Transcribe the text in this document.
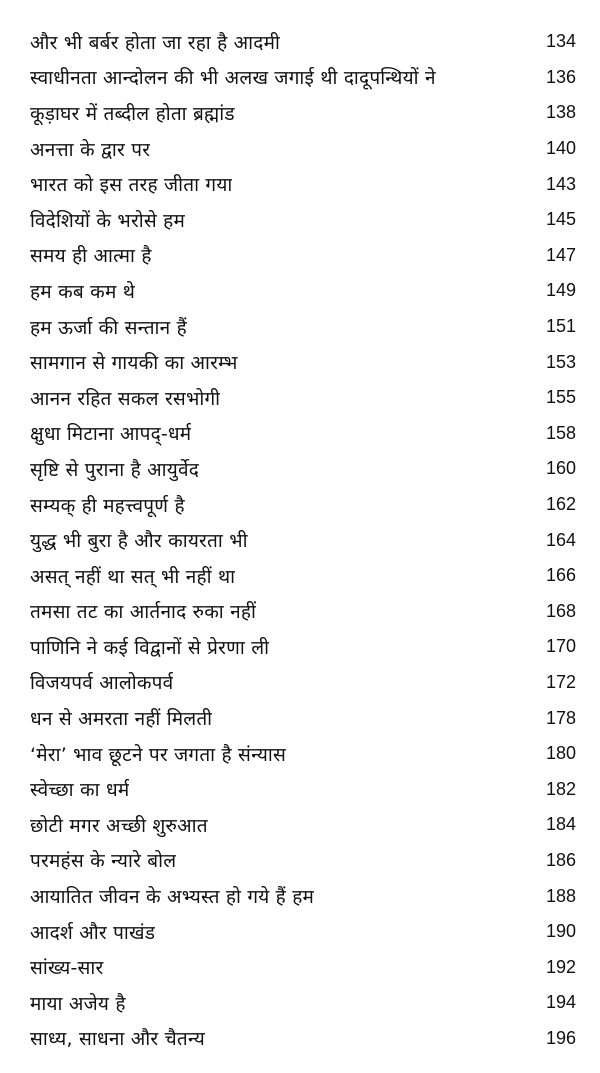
और भी बर्बर होता जा रहा है आदमी	134
स्वाधीनता आन्दोलन की भी अलख जगाई थी दादूपन्थियों ने	136
कूड़ाघर में तब्दील होता ब्रह्मांड	138
अनत्ता के द्वार पर	140
भारत को इस तरह जीता गया	143
विदेशियों के भरोसे हम	145
समय ही आत्मा है	147
हम कब कम थे	149
हम ऊर्जा की सन्तान हैं	151
सामगान से गायकी का आरम्भ	153
आनन रहित सकल रसभोगी	155
क्षुधा मिटाना आपद्-धर्म	158
सृष्टि से पुराना है आयुर्वेद	160
सम्यक् ही महत्त्वपूर्ण है	162
युद्ध भी बुरा है और कायरता भी	164
असत् नहीं था सत् भी नहीं था	166
तमसा तट का आर्तनाद रुका नहीं	168
पाणिनि ने कई विद्वानों से प्रेरणा ली	170
विजयपर्व आलोकपर्व	172
धन से अमरता नहीं मिलती	178
‘मेरा’ भाव छूटने पर जगता है संन्यास	180
स्वेच्छा का धर्म	182
छोटी मगर अच्छी शुरुआत	184
परमहंस के न्यारे बोल	186
आयातित जीवन के अभ्यस्त हो गये हैं हम	188
आदर्श और पाखंड	190
सांख्य-सार	192
माया अजेय है	194
साध्य, साधना और चैतन्य	196
